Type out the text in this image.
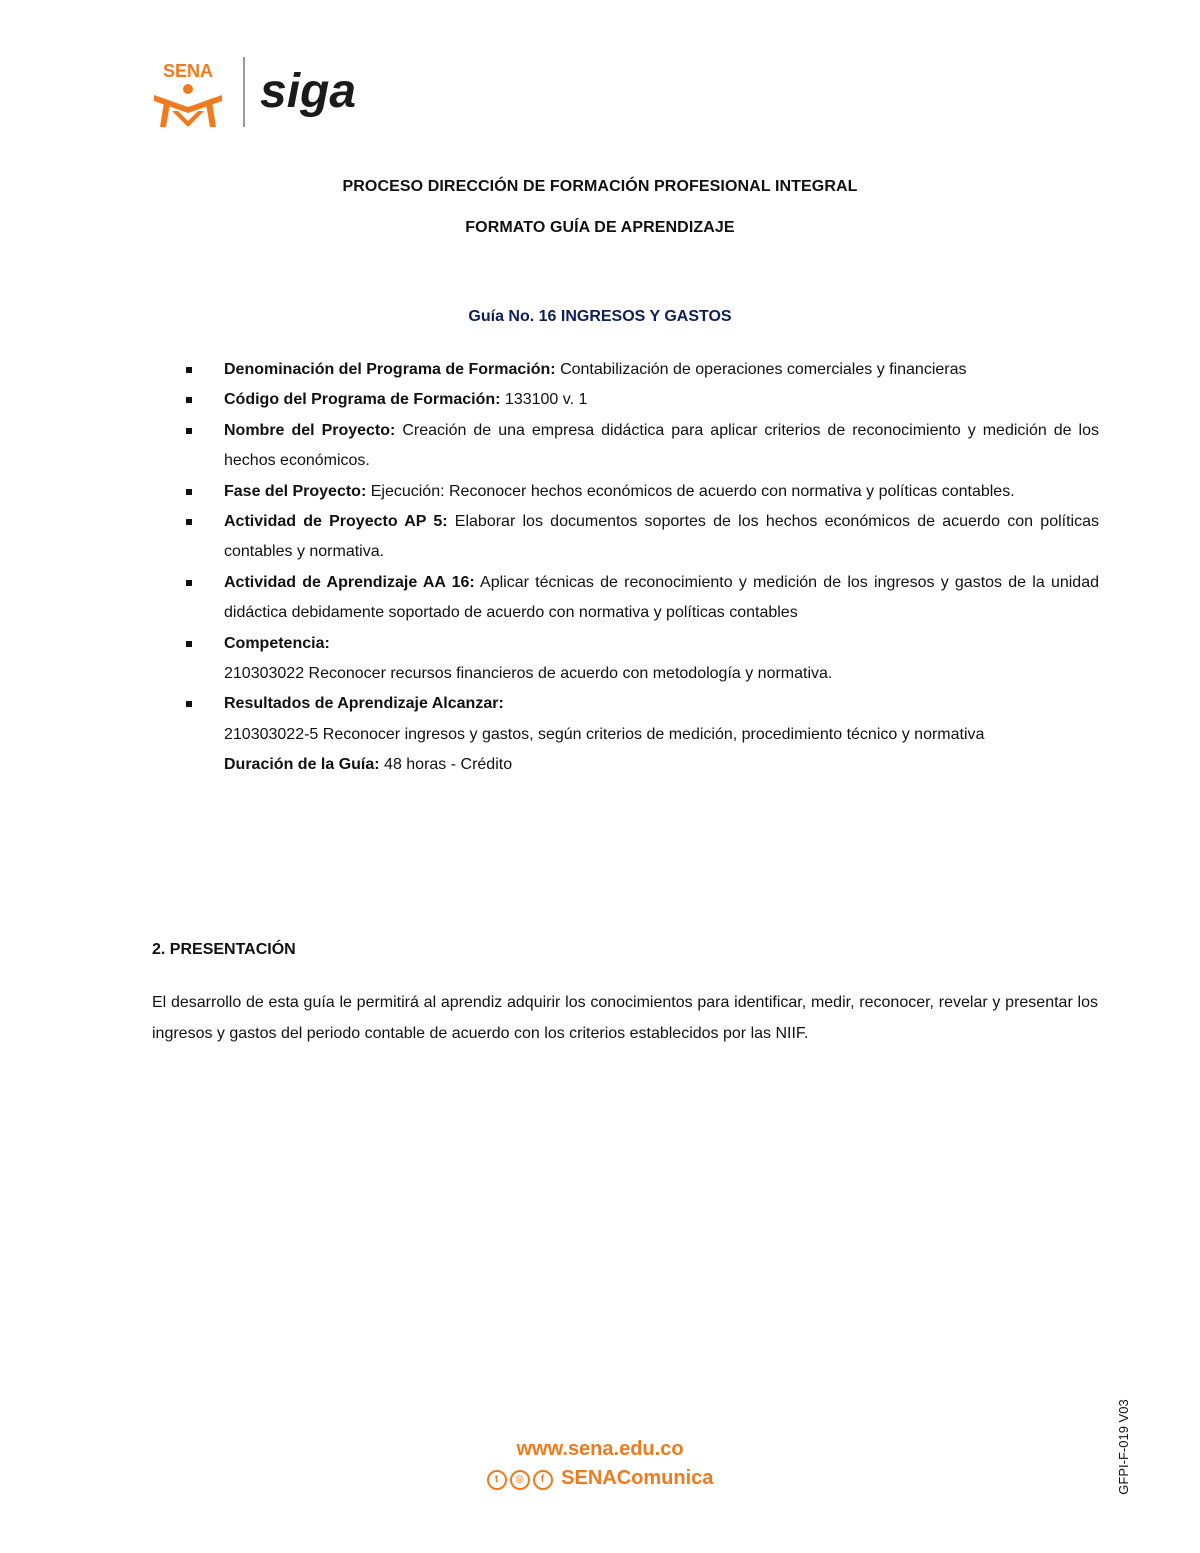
SENA siga
PROCESO DIRECCIÓN DE FORMACIÓN PROFESIONAL INTEGRAL
FORMATO GUÍA DE APRENDIZAJE
Guía No. 16 INGRESOS Y GASTOS
Denominación del Programa de Formación: Contabilización de operaciones comerciales y financieras
Código del Programa de Formación: 133100 v. 1
Nombre del Proyecto: Creación de una empresa didáctica para aplicar criterios de reconocimiento y medición de los hechos económicos.
Fase del Proyecto: Ejecución: Reconocer hechos económicos de acuerdo con normativa y políticas contables.
Actividad de Proyecto AP 5: Elaborar los documentos soportes de los hechos económicos de acuerdo con políticas contables y normativa.
Actividad de Aprendizaje AA 16: Aplicar técnicas de reconocimiento y medición de los ingresos y gastos de la unidad didáctica debidamente soportado de acuerdo con normativa y políticas contables
Competencia:
210303022 Reconocer recursos financieros de acuerdo con metodología y normativa.
Resultados de Aprendizaje Alcanzar:
210303022-5 Reconocer ingresos y gastos, según criterios de medición, procedimiento técnico y normativa
Duración de la Guía: 48 horas - Crédito
2. PRESENTACIÓN
El desarrollo de esta guía le permitirá al aprendiz adquirir los conocimientos para identificar, medir, reconocer, revelar y presentar los ingresos y gastos del periodo contable de acuerdo con los criterios establecidos por las NIIF.
www.sena.edu.co
t ◎ f SENAComunica	GFPI-F-019 V03
